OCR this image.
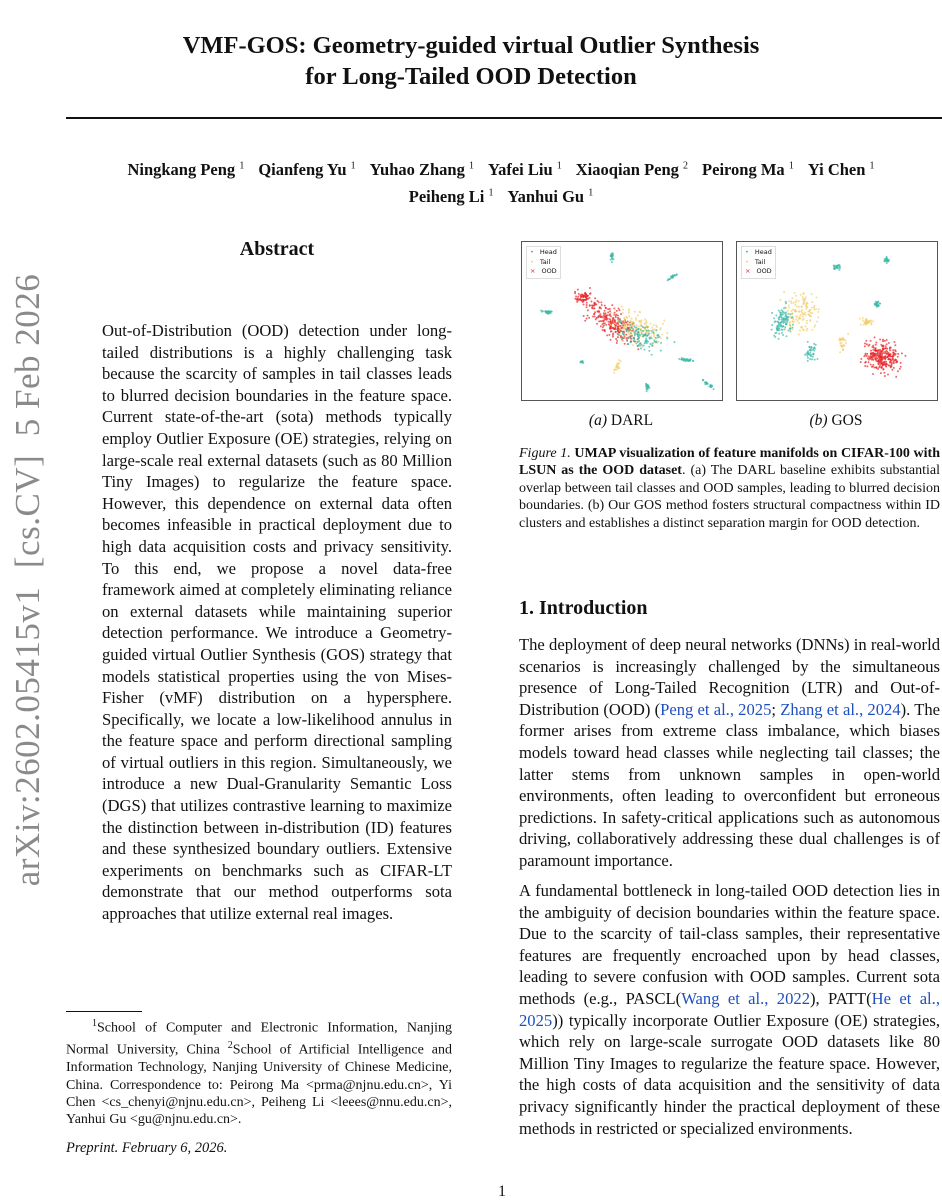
VMF-GOS: Geometry-guided virtual Outlier Synthesis
for Long-Tailed OOD Detection
Ningkang Peng $^1$ Qianfeng Yu $^1$ Yuhao Zhang $^1$ Yafei Liu $^1$ Xiaoqian Peng $^2$ Peirong Ma $^1$ Yi Chen $^1$
Peiheng Li $^1$ Yanhui Gu $^1$
arXiv:2602.05415v1  [cs.CV]  5 Feb 2026
Abstract
Out-of-Distribution (OOD) detection under long-tailed distributions is a highly challenging task because the scarcity of samples in tail classes leads to blurred decision boundaries in the feature space. Current state-of-the-art (sota) methods typically employ Outlier Exposure (OE) strategies, relying on large-scale real external datasets (such as 80 Million Tiny Images) to regularize the feature space. However, this dependence on external data often becomes infeasible in practical deployment due to high data acquisition costs and privacy sensitivity. To this end, we propose a novel data-free framework aimed at completely eliminating reliance on external datasets while maintaining superior detection performance. We introduce a Geometry-guided virtual Outlier Synthesis (GOS) strategy that models statistical properties using the von Mises-Fisher (vMF) distribution on a hypersphere. Specifically, we locate a low-likelihood annulus in the feature space and perform directional sampling of virtual outliers in this region. Simultaneously, we introduce a new Dual-Granularity Semantic Loss (DGS) that utilizes contrastive learning to maximize the distinction between in-distribution (ID) features and these synthesized boundary outliers. Extensive experiments on benchmarks such as CIFAR-LT demonstrate that our method outperforms sota approaches that utilize external real images.
$^1$School of Computer and Electronic Information, Nanjing Normal University, China $^2$School of Artificial Intelligence and Information Technology, Nanjing University of Chinese Medicine, China. Correspondence to: Peirong Ma <prma@njnu.edu.cn>, Yi Chen <cs_chenyi@njnu.edu.cn>, Peiheng Li <leees@nnu.edu.cn>, Yanhui Gu <gu@njnu.edu.cn>.
Preprint. February 6, 2026.
• Head
• Tail
× OOD
• Head
• Tail
× OOD
(a) DARL	(b) GOS
Figure 1. UMAP visualization of feature manifolds on CIFAR-100 with LSUN as the OOD dataset. (a) The DARL baseline exhibits substantial overlap between tail classes and OOD samples, leading to blurred decision boundaries. (b) Our GOS method fosters structural compactness within ID clusters and establishes a distinct separation margin for OOD detection.
1. Introduction
The deployment of deep neural networks (DNNs) in real-world scenarios is increasingly challenged by the simultaneous presence of Long-Tailed Recognition (LTR) and Out-of-Distribution (OOD) (Peng et al., 2025; Zhang et al., 2024). The former arises from extreme class imbalance, which biases models toward head classes while neglecting tail classes; the latter stems from unknown samples in open-world environments, often leading to overconfident but erroneous predictions. In safety-critical applications such as autonomous driving, collaboratively addressing these dual challenges is of paramount importance.
A fundamental bottleneck in long-tailed OOD detection lies in the ambiguity of decision boundaries within the feature space. Due to the scarcity of tail-class samples, their representative features are frequently encroached upon by head classes, leading to severe confusion with OOD samples. Current sota methods (e.g., PASCL(Wang et al., 2022), PATT(He et al., 2025)) typically incorporate Outlier Exposure (OE) strategies, which rely on large-scale surrogate OOD datasets like 80 Million Tiny Images to regularize the feature space. However, the high costs of data acquisition and the sensitivity of data privacy significantly hinder the practical deployment of these methods in restricted or specialized environments.
1
